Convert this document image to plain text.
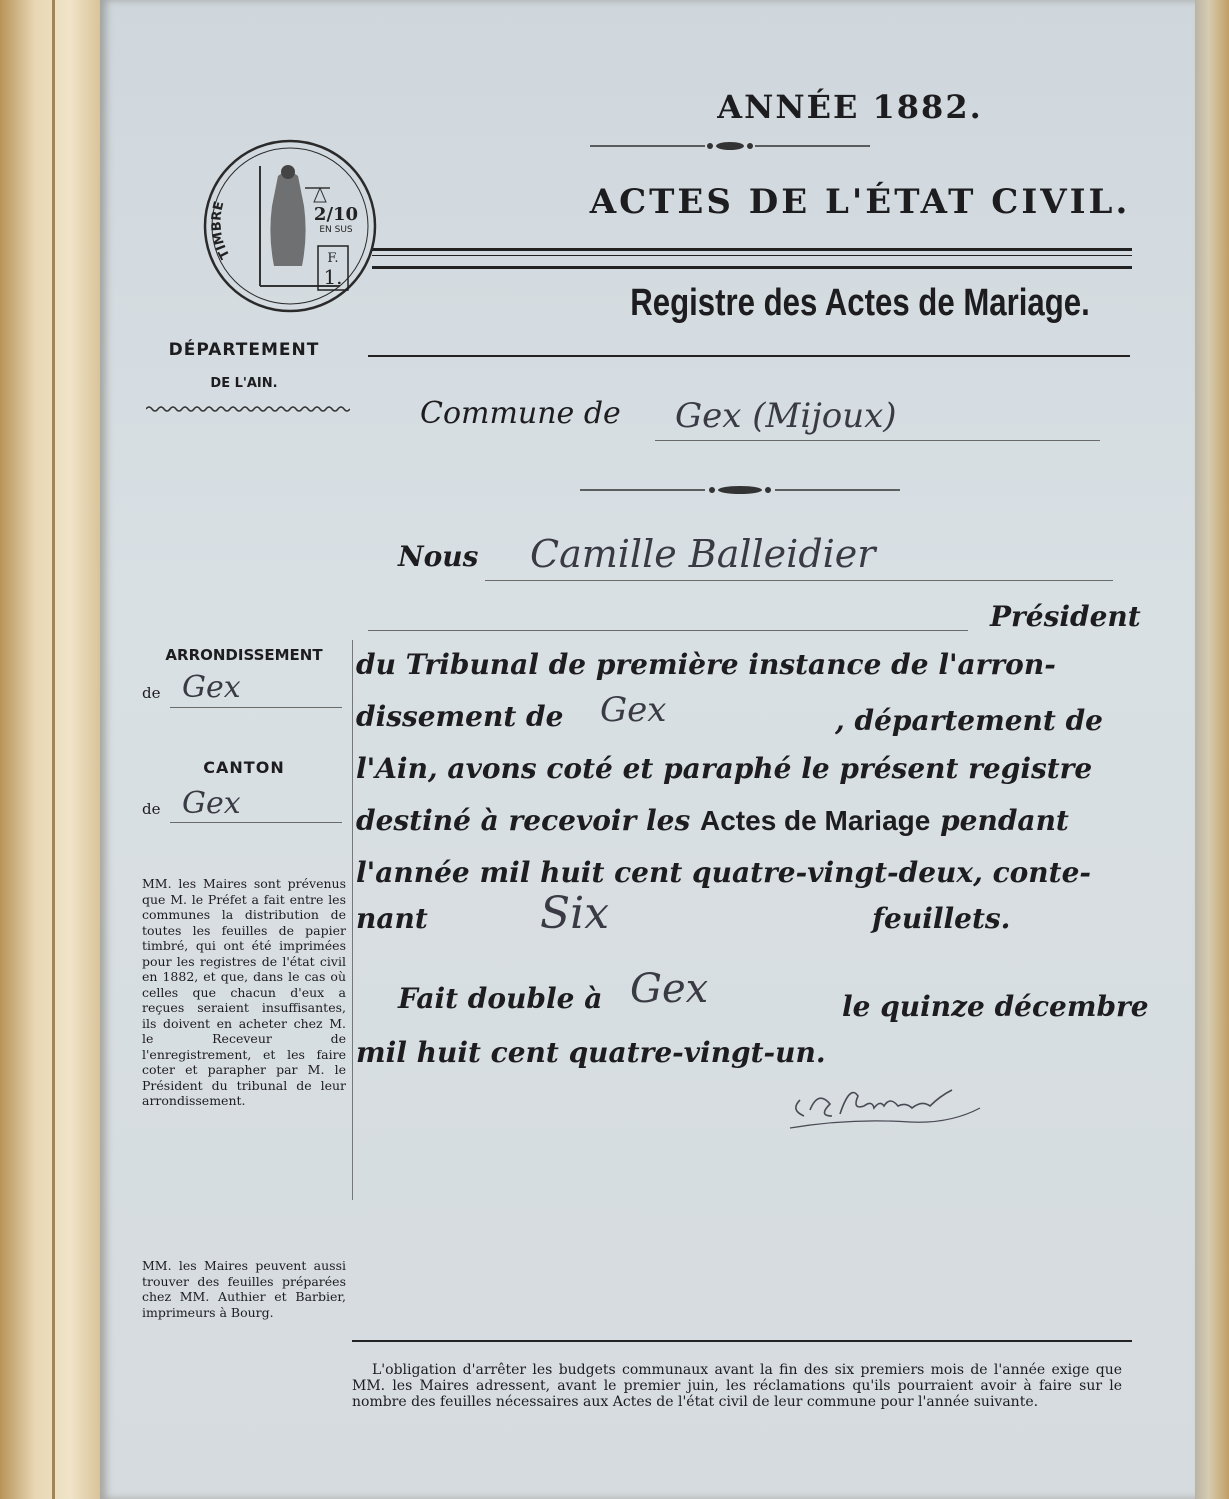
ANNÉE 1882.
ACTES DE L'ÉTAT CIVIL.
Registre des Actes de Mariage.
TIMBRE	2/10
EN SUS
F.
1.
DÉPARTEMENT
DE L'AIN.
ARRONDISSEMENT
de Gex
CANTON
de Gex
MM. les Maires sont prévenus que M. le Préfet a fait entre les communes la distribution de toutes les feuilles de papier timbré, qui ont été imprimées pour les registres de l'état civil en 1882, et que, dans le cas où celles que chacun d'eux a reçues seraient insuffisantes, ils doivent en acheter chez M. le Receveur de l'enregistrement, et les faire coter et parapher par M. le Président du tribunal de leur arrondissement.
MM. les Maires peuvent aussi trouver des feuilles préparées chez MM. Authier et Barbier, imprimeurs à Bourg.
Commune de Gex (Mijoux)
Nous Camille Balleidier
Président
du Tribunal de première instance de l'arron-
dissement de Gex	, département de
l'Ain, avons coté et paraphé le présent registre
destiné à recevoir les Actes de Mariage pendant
l'année mil huit cent quatre-vingt-deux, conte-
nant	Six	feuillets.
Fait double à Gex	le quinze décembre
mil huit cent quatre-vingt-un.
L'obligation d'arrêter les budgets communaux avant la fin des six premiers mois de l'année exige que MM. les Maires adressent, avant le premier juin, les réclamations qu'ils pourraient avoir à faire sur le nombre des feuilles nécessaires aux Actes de l'état civil de leur commune pour l'année suivante.
